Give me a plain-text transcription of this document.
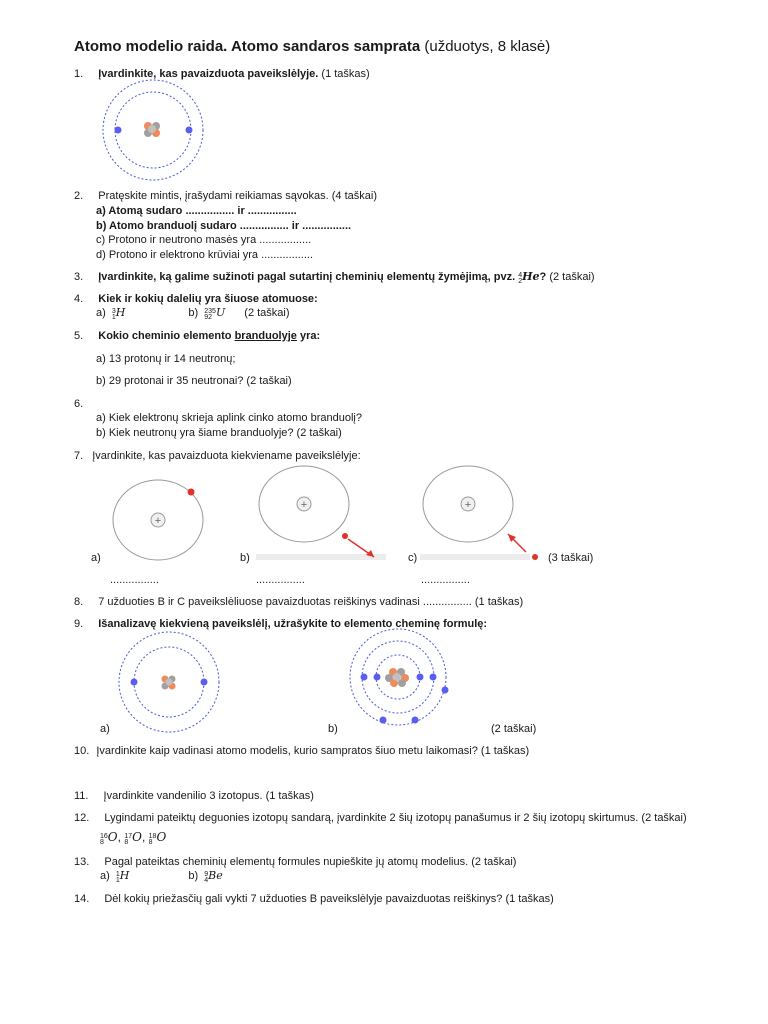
Atomo modelio raida. Atomo sandaros samprata (užduotys, 8 klasė)
1. Įvardinkite, kas pavaizduota paveikslėlyje. (1 taškas)
2. Pratęskite mintis, įrašydami reikiamas sąvokas. (4 taškai)
a) Atomą sudaro ................ ir ................
b) Atomo branduolį sudaro ................ ir ................
c) Protono ir neutrono masės yra .................
d) Protono ir elektrono krūviai yra .................
3. Įvardinkite, ką galime sužinoti pagal sutartinį cheminių elementų žymėjimą, pvz. 4
2He? (2 taškai)
4. Kiek ir kokių dalelių yra šiuose atomuose:
a) 3
1H	b) 235
92 U (2 taškai)
5. Kokio cheminio elemento branduolyje yra:
a) 13 protonų ir 14 neutronų;
b) 29 protonai ir 35 neutronai? (2 taškai)
6.
a) Kiek elektronų skrieja aplink cinko atomo branduolį?
b) Kiek neutronų yra šiame branduolyje? (2 taškai)
7. Įvardinkite, kas pavaizduota kiekviename paveikslėlyje:
+
+	+
a)	b)	c)	(3 taškai)
................	................	................
8. 7 užduoties B ir C paveikslėliuose pavaizduotas reiškinys vadinasi ................ (1 taškas)
9. Išanalizavę kiekvieną paveikslėlį, užrašykite to elemento cheminę formulę:
a)	b)	(2 taškai)
10. Įvardinkite kaip vadinasi atomo modelis, kurio sampratos šiuo metu laikomasi? (1 taškas)
11. Įvardinkite vandenilio 3 izotopus. (1 taškas)
12. Lygindami pateiktų deguonies izotopų sandarą, įvardinkite 2 šių izotopų panašumus ir 2 šių izotopų skirtumus. (2 taškai)
16
8 O, 17
8 O, 18
8 O
13. Pagal pateiktas cheminių elementų formules nupieškite jų atomų modelius. (2 taškai)
a) 1
1H	b) 9
4Be
14. Dėl kokių priežasčių gali vykti 7 užduoties B paveikslėlyje pavaizduotas reiškinys? (1 taškas)
